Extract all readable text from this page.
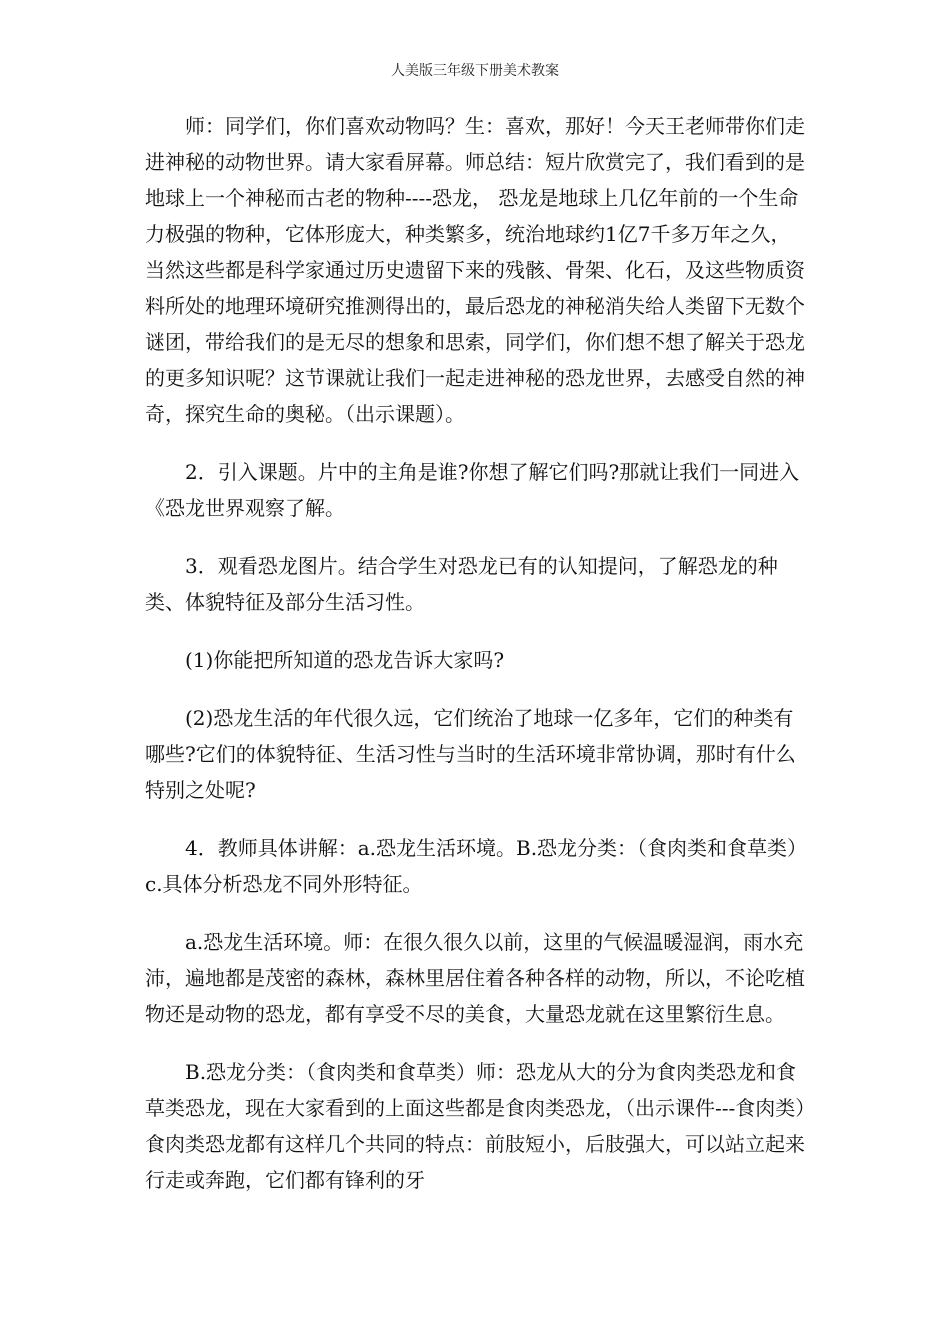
人美版三年级下册美术教案

师：同学们，你们喜欢动物吗？生：喜欢，那好！今天王老师带你们走进神秘的动物世界。请大家看屏幕。师总结：短片欣赏完了，我们看到的是地球上一个神秘而古老的物种----恐龙， 恐龙是地球上几亿年前的一个生命力极强的物种，它体形庞大，种类繁多，统治地球约1亿7千多万年之久，当然这些都是科学家通过历史遗留下来的残骸、骨架、化石，及这些物质资料所处的地理环境研究推测得出的，最后恐龙的神秘消失给人类留下无数个谜团，带给我们的是无尽的想象和思索，同学们，你们想不想了解关于恐龙的更多知识呢？这节课就让我们一起走进神秘的恐龙世界，去感受自然的神奇，探究生命的奥秘。（出示课题）。

2．引入课题。片中的主角是谁?你想了解它们吗?那就让我们一同进入《恐龙世界观察了解。

3．观看恐龙图片。结合学生对恐龙已有的认知提问，了解恐龙的种类、体貌特征及部分生活习性。

(1)你能把所知道的恐龙告诉大家吗?

(2)恐龙生活的年代很久远，它们统治了地球一亿多年，它们的种类有哪些?它们的体貌特征、生活习性与当时的生活环境非常协调，那时有什么特别之处呢?

4．教师具体讲解：a.恐龙生活环境。B.恐龙分类：（食肉类和食草类）c.具体分析恐龙不同外形特征。

a.恐龙生活环境。师：在很久很久以前，这里的气候温暖湿润，雨水充沛，遍地都是茂密的森林，森林里居住着各种各样的动物，所以，不论吃植物还是动物的恐龙，都有享受不尽的美食，大量恐龙就在这里繁衍生息。

B.恐龙分类：（食肉类和食草类）师：恐龙从大的分为食肉类恐龙和食草类恐龙，现在大家看到的上面这些都是食肉类恐龙，（出示课件---食肉类）食肉类恐龙都有这样几个共同的特点：前肢短小，后肢强大，可以站立起来行走或奔跑，它们都有锋利的牙
